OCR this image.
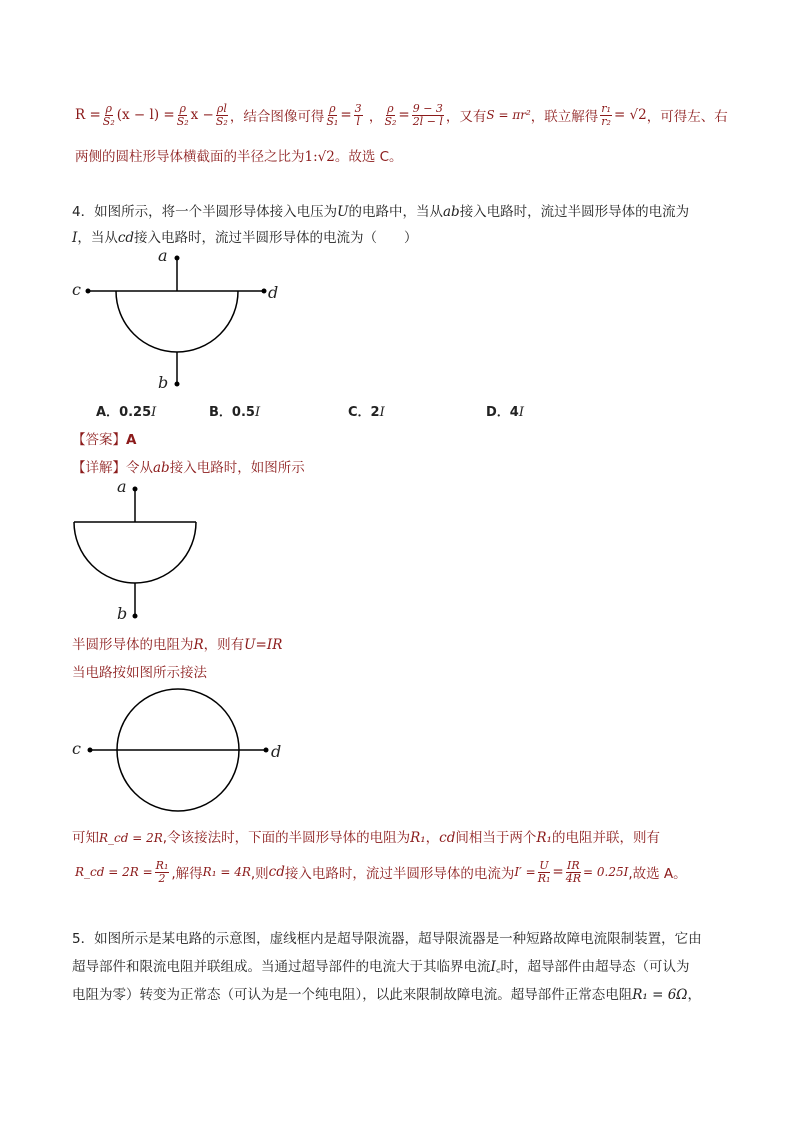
$R = \frac{\rho}{\text{S₂}} (x - l) = \frac{\rho}{\text{S₂}}$ $x - \frac{\rho l}{\text{S₂}}$ ，结合图像可得 $\frac{\rho}{\text{S₁}} = \frac{3}{l}$ ， $\frac{\rho}{\text{S₂}} = \frac{9 - 3}{2l - l}$ ，又有 S = πr² ，联立解得 $\frac{\text{r₁}}{\text{r₂}} = √2$ ，可得左、右
两侧的圆柱形导体横截面的半径之比为1:√2。故选 C。
4．如图所示，将一个半圆形导体接入电压为U的电路中，当从ab接入电路时，流过半圆形导体的电流为
I，当从cd接入电路时，流过半圆形导体的电流为（　　）
a
b
c	d
A．0.25I	B．0.5I	C．2I	D．4I
【答案】A
【详解】令从ab接入电路时，如图所示
a
b
半圆形导体的电阻为R，则有U=IR
当电路按如图所示接法
c	d
可知R_cd = 2R,令该接法时，下面的半圆形导体的电阻为R₁，cd间相当于两个R₁的电阻并联，则有
R_cd = $2R = \frac{\text{R₁}}{2}$ ,解得 R₁ = 4R ,则 cd 接入电路时，流过半圆形导体的电流为 $I' = \frac{U}{\text{R₁}} = \frac{IR}{4R} = 0.25I$ ,故选 A。
5．如图所示是某电路的示意图，虚线框内是超导限流器，超导限流器是一种短路故障电流限制装置，它由
超导部件和限流电阻并联组成。当通过超导部件的电流大于其临界电流I꜀时，超导部件由超导态（可认为
电阻为零）转变为正常态（可认为是一个纯电阻），以此来限制故障电流。超导部件正常态电阻R₁ = 6Ω，
